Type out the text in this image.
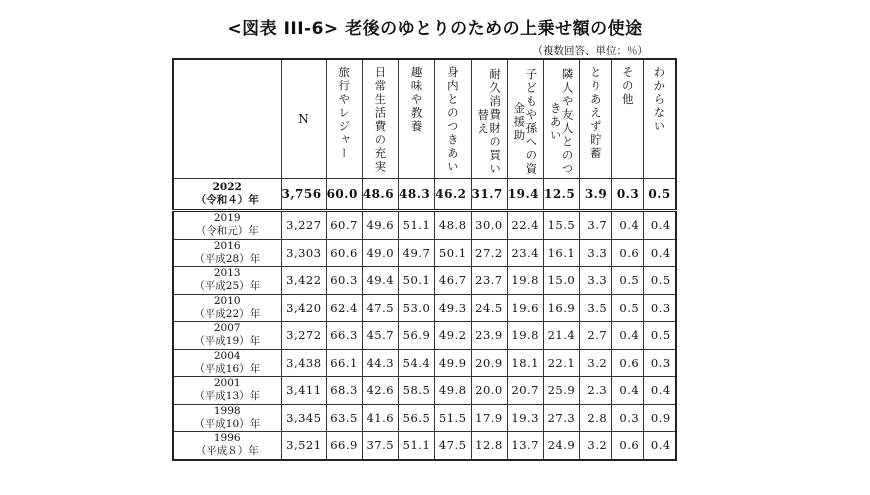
<図表 III-6> 老後のゆとりのための上乗せ額の使途
（複数回答、単位：％）
	N	旅行やレジャー	日常生活費の充実	趣味や教養	身内とのつきあい	耐久消費財の買い替え	子どもや孫への資金援助	隣人や友人とのつきあい	とりあえず貯蓄	その他	わからない

2022
（令和４）年	3,756	60.0	48.6	48.3	46.2	31.7	19.4	12.5	3.9	0.3	0.5

2019
（令和元）年	3,227	60.7	49.6	51.1	48.8	30.0	22.4	15.5	3.7	0.4	0.4

2016
（平成28）年	3,303	60.6	49.0	49.7	50.1	27.2	23.4	16.1	3.3	0.6	0.4

2013
（平成25）年	3,422	60.3	49.4	50.1	46.7	23.7	19.8	15.0	3.3	0.5	0.5

2010
（平成22）年	3,420	62.4	47.5	53.0	49.3	24.5	19.6	16.9	3.5	0.5	0.3

2007
（平成19）年	3,272	66.3	45.7	56.9	49.2	23.9	19.8	21.4	2.7	0.4	0.5

2004
（平成16）年	3,438	66.1	44.3	54.4	49.9	20.9	18.1	22.1	3.2	0.6	0.3

2001
（平成13）年	3,411	68.3	42.6	58.5	49.8	20.0	20.7	25.9	2.3	0.4	0.4

1998
（平成10）年	3,345	63.5	41.6	56.5	51.5	17.9	19.3	27.3	2.8	0.3	0.9

1996
（平成８）年	3,521	66.9	37.5	51.1	47.5	12.8	13.7	24.9	3.2	0.6	0.4
